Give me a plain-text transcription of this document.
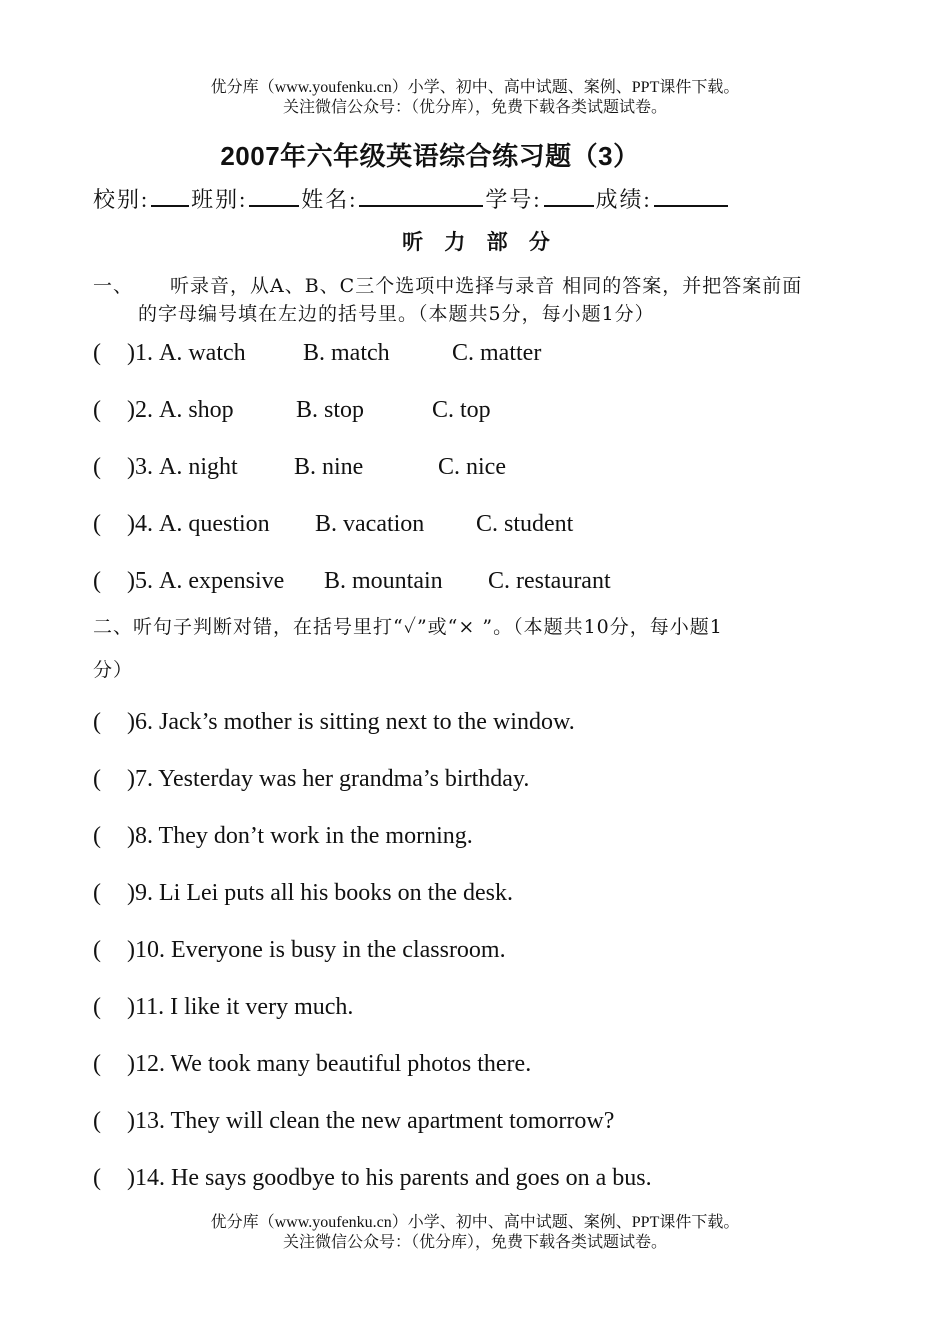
优分库（www.youfenku.cn）小学、初中、高中试题、案例、PPT课件下载。
关注微信公众号：（优分库），免费下载各类试题试卷。
2007年六年级英语综合练习题（3）
校别: 班别: 姓名:	学号: 成绩:
听 力 部 分
一、 听录音，从A、B、C三个选项中选择与录音 相同的答案，并把答案前面
的字母编号填在左边的括号里。（本题共5分，每小题1分）
( )1. A. watch B. match	C. matter
( )2. A. shop	B. stop	C. top
( )3. A. night B. nine	C. nice
( )4. A. question B. vacation C. student
( )5. A. expensive B. mountain C. restaurant
二、听句子判断对错，在括号里打“✓”或“× ”。（本题共10分，每小题1
分）
( )6. Jack’s mother is sitting next to the window.
( )7. Yesterday was her grandma’s birthday.
( )8. They don’t work in the morning.
( )9. Li Lei puts all his books on the desk.
( )10. Everyone is busy in the classroom.
( )11. I like it very much.
( )12. We took many beautiful photos there.
( )13. They will clean the new apartment tomorrow?
( )14. He says goodbye to his parents and goes on a bus.
优分库（www.youfenku.cn）小学、初中、高中试题、案例、PPT课件下载。
关注微信公众号：（优分库），免费下载各类试题试卷。
